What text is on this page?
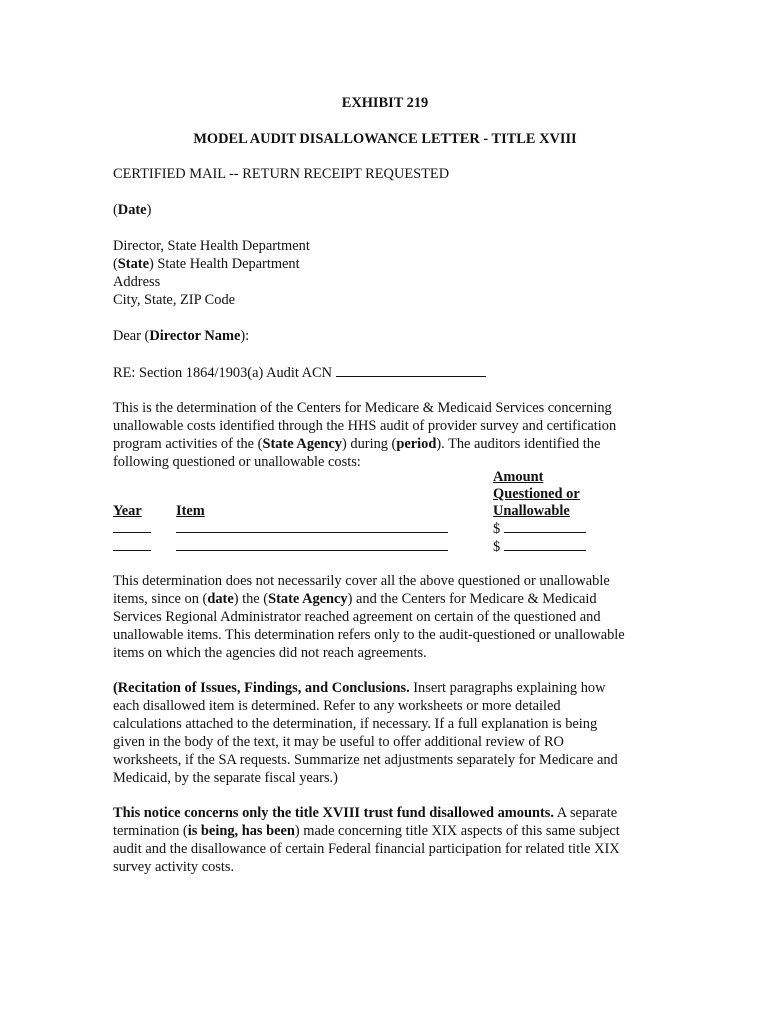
EXHIBIT 219
MODEL AUDIT DISALLOWANCE LETTER - TITLE XVIII
CERTIFIED MAIL -- RETURN RECEIPT REQUESTED
(Date)
Director, State Health Department
(State) State Health Department
Address
City, State, ZIP Code
Dear (Director Name):
RE: Section 1864/1903(a) Audit ACN

This is the determination of the Centers for Medicare & Medicaid Services concerning

unallowable costs identified through the HHS audit of provider survey and certification

program activities of the (State Agency) during (period). The auditors identified the

following questioned or unallowable costs:

Amount
Questioned or
Unallowable
Year Item
$
$

This determination does not necessarily cover all the above questioned or unallowable

items, since on (date) the (State Agency) and the Centers for Medicare & Medicaid

Services Regional Administrator reached agreement on certain of the questioned and

unallowable items. This determination refers only to the audit-questioned or unallowable

items on which the agencies did not reach agreements.

(Recitation of Issues, Findings, and Conclusions. Insert paragraphs explaining how

each disallowed item is determined. Refer to any worksheets or more detailed

calculations attached to the determination, if necessary. If a full explanation is being

given in the body of the text, it may be useful to offer additional review of RO

worksheets, if the SA requests. Summarize net adjustments separately for Medicare and

Medicaid, by the separate fiscal years.)

This notice concerns only the title XVIII trust fund disallowed amounts. A separate

termination (is being, has been) made concerning title XIX aspects of this same subject

audit and the disallowance of certain Federal financial participation for related title XIX

survey activity costs.
